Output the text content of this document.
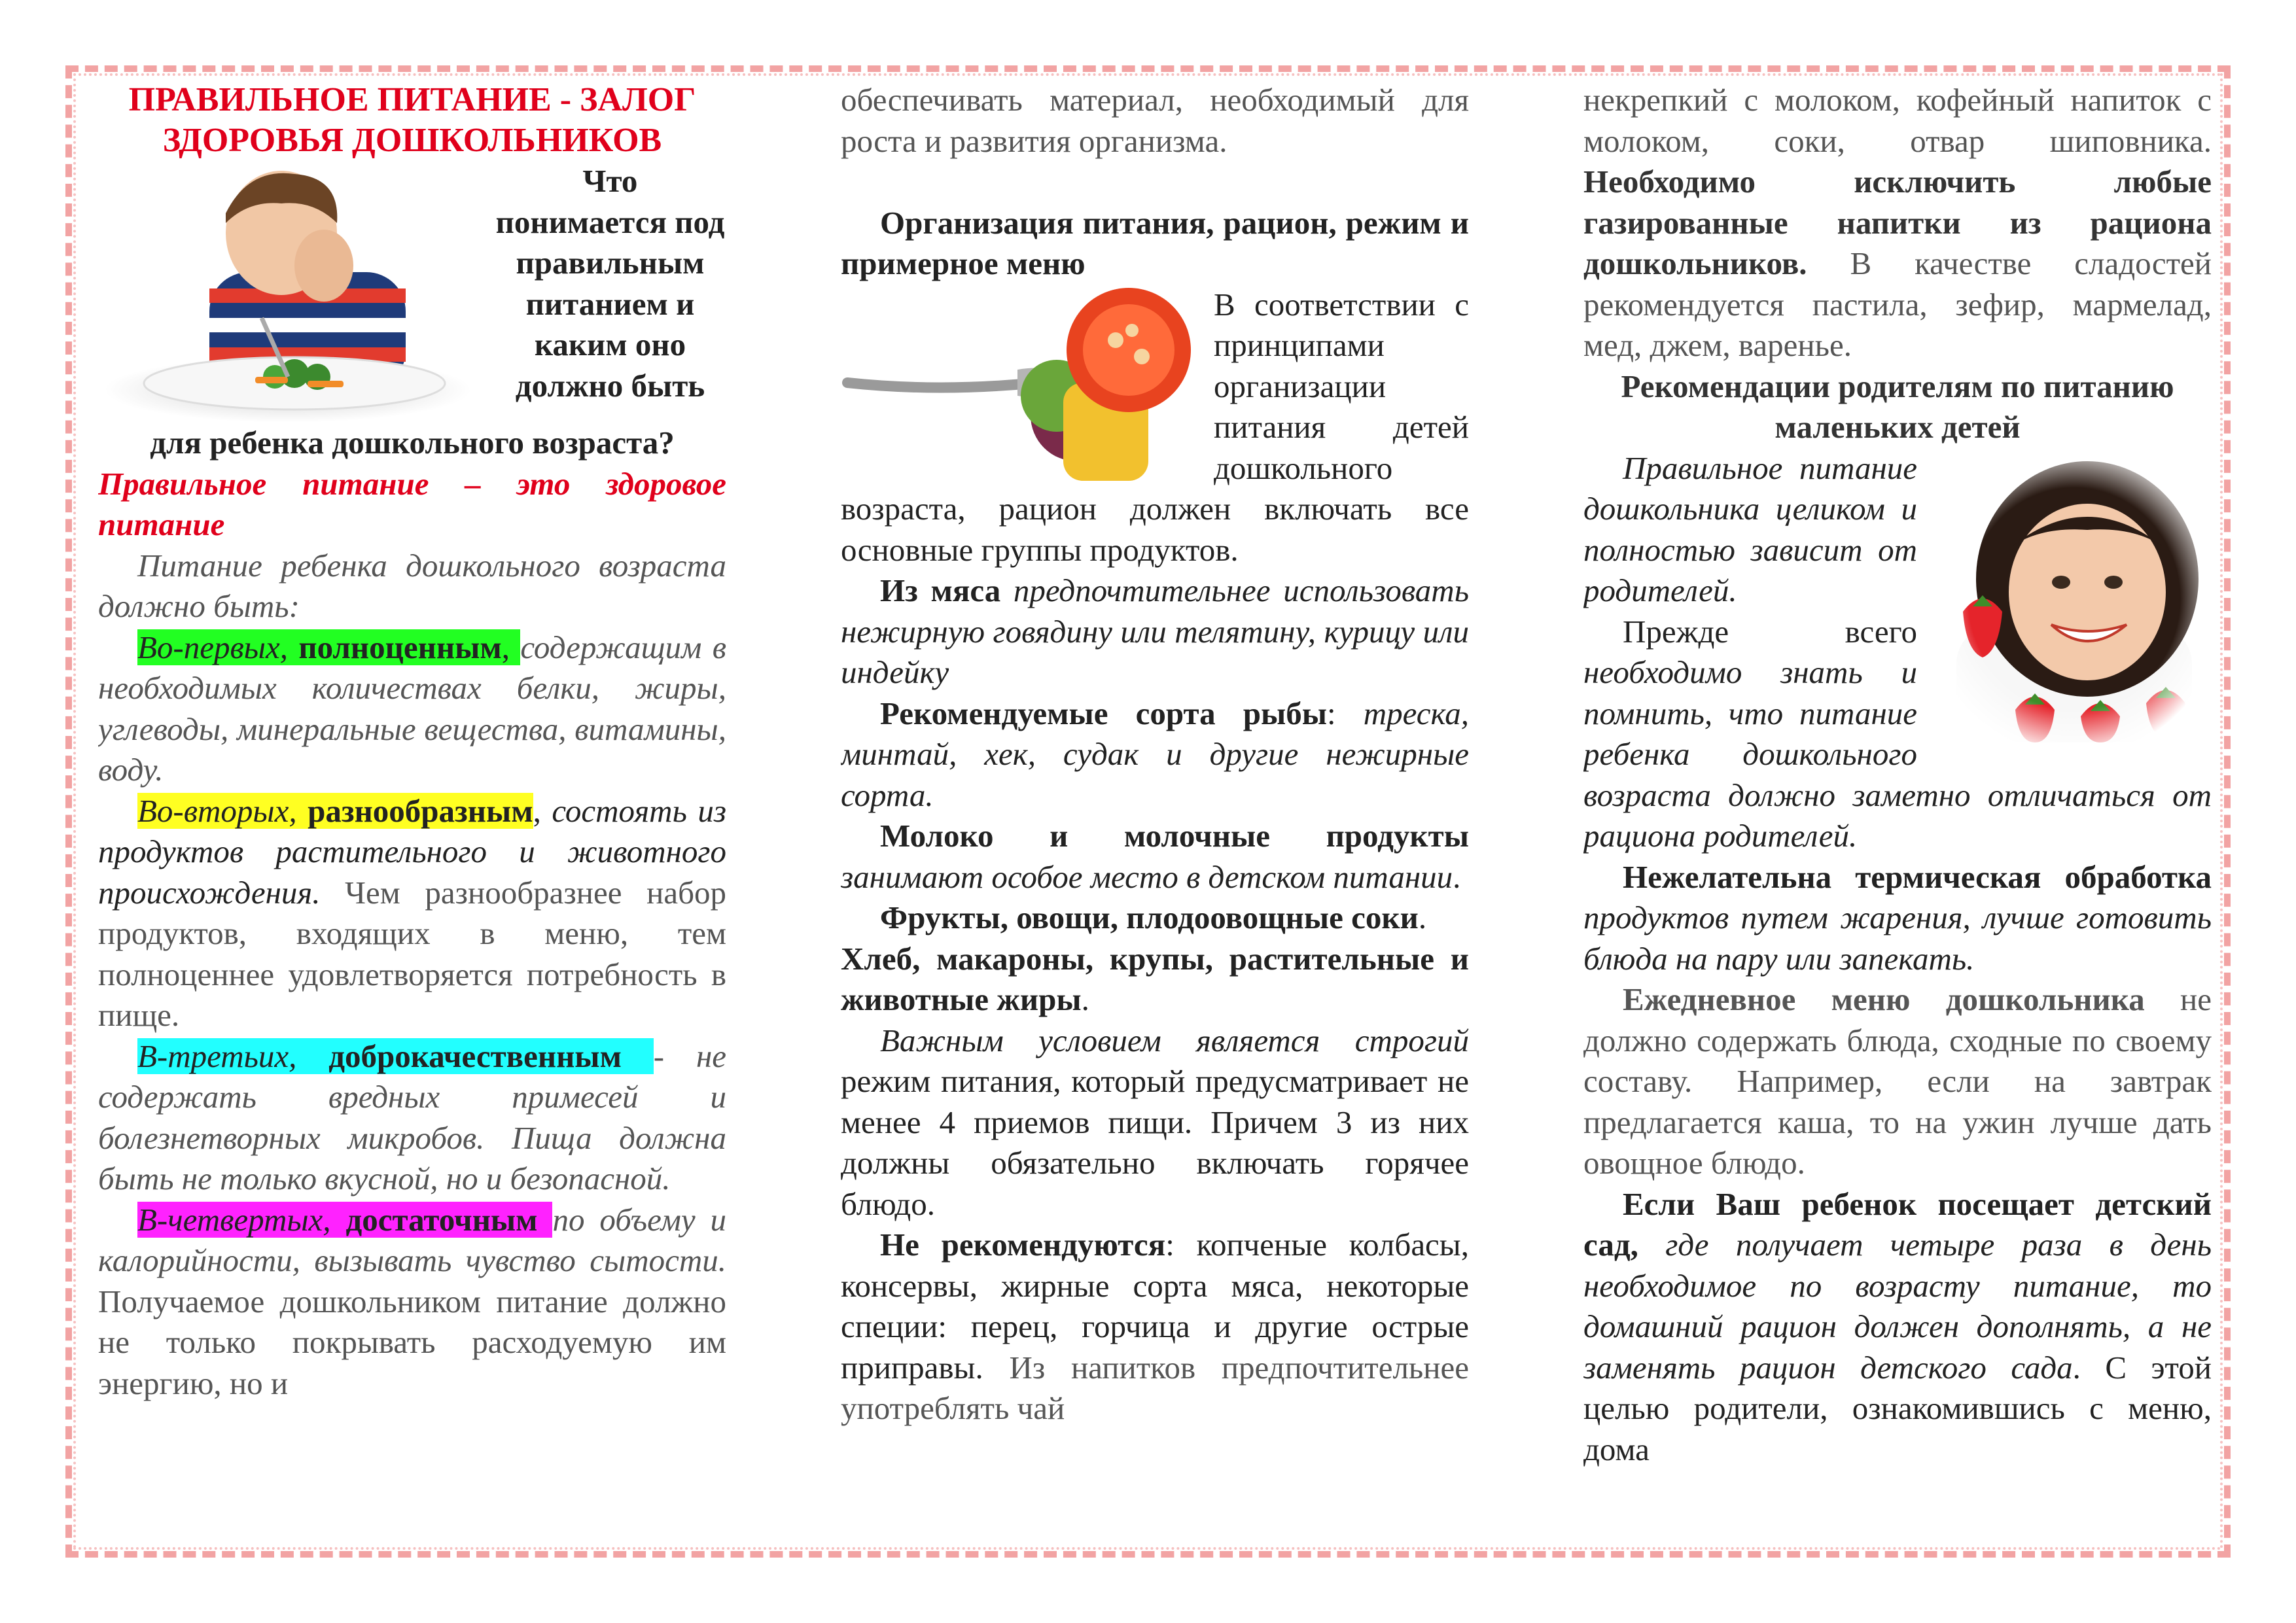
ПРАВИЛЬНОЕ ПИТАНИЕ - ЗАЛОГ ЗДОРОВЬЯ ДОШКОЛЬНИКОВ

Что понимается под правильным питанием и каким оно должно быть

для ребенка дошкольного возраста?

Правильное питание – это здоровое питание

Питание ребенка дошкольного возраста должно быть:

Во-первых, полноценным, содержащим в необходимых количествах белки, жиры, углеводы, минеральные вещества, витамины, воду.

Во-вторых, разнообразным, состоять из продуктов растительного и животного происхождения. Чем разнообразнее набор продуктов, входящих в меню, тем полноценнее удовлетворяется потребность в пище.

В-третьих, доброкачественным - не содержать вредных примесей и болезнетворных микробов. Пища должна быть не только вкусной, но и безопасной.

В-четвертых, достаточным по объему и калорийности, вызывать чувство сытости. Получаемое дошкольником питание должно не только покрывать расходуемую им энергию, но и

обеспечивать материал, необходимый для роста и развития организма.

Организация питания, рацион, режим и примерное меню

В соответствии с принципами организации питания детей дошкольного

возраста, рацион должен включать все основные группы продуктов.

Из мяса предпочтительнее использовать нежирную говядину или телятину, курицу или индейку

Рекомендуемые сорта рыбы: треска, минтай, хек, судак и другие нежирные сорта.

Молоко и молочные продукты занимают особое место в детском питании.

Фрукты, овощи, плодоовощные соки.

Хлеб, макароны, крупы, растительные и животные жиры.

Важным условием является строгий режим питания, который предусматривает не менее 4 приемов пищи. Причем 3 из них должны обязательно включать горячее блюдо.

Не рекомендуются: копченые колбасы, консервы, жирные сорта мяса, некоторые специи: перец, горчица и другие острые приправы. Из напитков предпочтительнее употреблять чай

некрепкий с молоком, кофейный напиток с молоком, соки, отвар шиповника. Необходимо исключить любые газированные напитки из рациона дошкольников. В качестве сладостей рекомендуется пастила, зефир, мармелад, мед, джем, варенье.

Рекомендации родителям по питанию маленьких детей

Правильное питание дошкольника целиком и полностью зависит от родителей.

Прежде всего необходимо знать и помнить, что питание ребенка дошкольного возраста должно заметно отличаться от рациона родителей.

Нежелательна термическая обработка продуктов путем жарения, лучше готовить блюда на пару или запекать.

Ежедневное меню дошкольника не должно содержать блюда, сходные по своему составу. Например, если на завтрак предлагается каша, то на ужин лучше дать овощное блюдо.

Если Ваш ребенок посещает детский сад, где получает четыре раза в день необходимое по возрасту питание, то домашний рацион должен дополнять, а не заменять рацион детского сада. С этой целью родители, ознакомившись с меню, дома
